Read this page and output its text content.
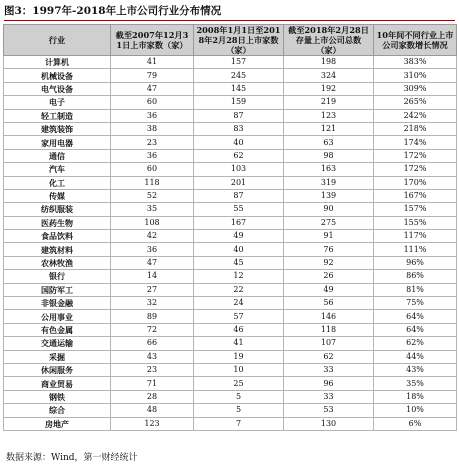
图3：1997年-2018年上市公司行业分布情况
行业	截至2007年12月31日上市家数（家）	2008年1月1日至2018年2月28日上市家数（家）	截至2018年2月28日存量上市公司总数（家）	10年间不同行业上市公司家数增长情况
计算机	41	157	198	383%
机械设备	79	245	324	310%
电气设备	47	145	192	309%
电子	60	159	219	265%
轻工制造	36	87	123	242%
建筑装饰	38	83	121	218%
家用电器	23	40	63	174%
通信	36	62	98	172%
汽车	60	103	163	172%
化工	118	201	319	170%
传媒	52	87	139	167%
纺织服装	35	55	90	157%
医药生物	108	167	275	155%
食品饮料	42	49	91	117%
建筑材料	36	40	76	111%
农林牧渔	47	45	92	96%
银行	14	12	26	86%
国防军工	27	22	49	81%
非银金融	32	24	56	75%
公用事业	89	57	146	64%
有色金属	72	46	118	64%
交通运输	66	41	107	62%
采掘	43	19	62	44%
休闲服务	23	10	33	43%
商业贸易	71	25	96	35%
钢铁	28	5	33	18%
综合	48	5	53	10%
房地产	123	7	130	6%
数据来源：Wind，第一财经统计
